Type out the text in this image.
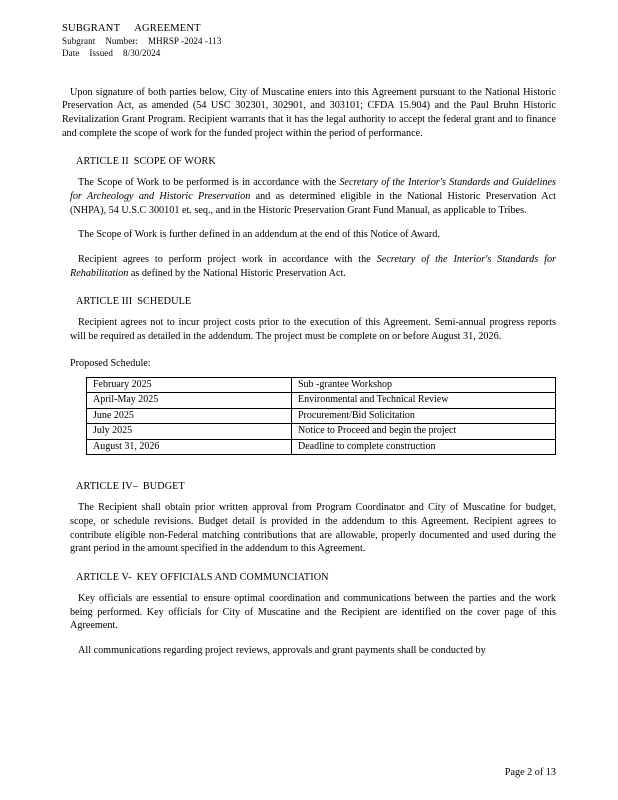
SUBGRANT AGREEMENT
Subgrant Number: MHRSP -2024 -113
Date Issued 8/30/2024

Upon signature of both parties below, City of Muscatine enters into this Agreement pursuant to the National Historic Preservation Act, as amended (54 USC 302301, 302901, and 303101; CFDA 15.904) and the Paul Bruhn Historic Revitalization Grant Program. Recipient warrants that it has the legal authority to accept the federal grant and to finance and complete the scope of work for the funded project within the period of performance.

ARTICLE II SCOPE OF WORK

The Scope of Work to be performed is in accordance with the Secretary of the Interior's Standards and Guidelines for Archeology and Historic Preservation and as determined eligible in the National Historic Preservation Act (NHPA), 54 U.S.C 300101 et. seq., and in the Historic Preservation Grant Fund Manual, as applicable to Tribes.

The Scope of Work is further defined in an addendum at the end of this Notice of Award.

Recipient agrees to perform project work in accordance with the Secretary of the Interior's Standards for Rehabilitation as defined by the National Historic Preservation Act.

ARTICLE III SCHEDULE

Recipient agrees not to incur project costs prior to the execution of this Agreement. Semi-annual progress reports will be required as detailed in the addendum. The project must be complete on or before August 31, 2026.

Proposed Schedule:
February 2025	Sub -grantee Workshop
April-May 2025	Environmental and Technical Review
June 2025	Procurement/Bid Solicitation
July 2025	Notice to Proceed and begin the project
August 31, 2026	Deadline to complete construction
ARTICLE IV– BUDGET

The Recipient shall obtain prior written approval from Program Coordinator and City of Muscatine for budget, scope, or schedule revisions. Budget detail is provided in the addendum to this Agreement. Recipient agrees to contribute eligible non-Federal matching contributions that are allowable, properly documented and used during the grant period in the amount specified in the addendum to this Agreement.

ARTICLE V- KEY OFFICIALS AND COMMUNCIATION

Key officials are essential to ensure optimal coordination and communications between the parties and the work being performed. Key officials for City of Muscatine and the Recipient are identified on the cover page of this Agreement.

All communications regarding project reviews, approvals and grant payments shall be conducted by

Page 2 of 13
